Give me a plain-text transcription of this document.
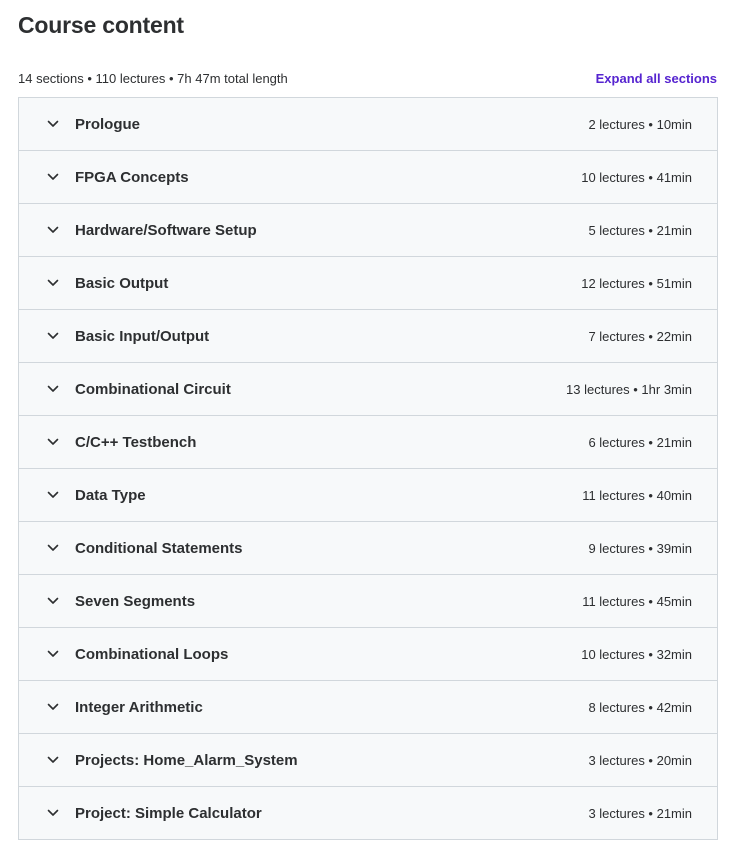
Course content
14 sections • 110 lectures • 7h 47m total length	Expand all sections
Prologue	2 lectures • 10min
FPGA Concepts	10 lectures • 41min
Hardware/Software Setup	5 lectures • 21min
Basic Output	12 lectures • 51min
Basic Input/Output	7 lectures • 22min
Combinational Circuit	13 lectures • 1hr 3min
C/C++ Testbench	6 lectures • 21min
Data Type	11 lectures • 40min
Conditional Statements	9 lectures • 39min
Seven Segments	11 lectures • 45min
Combinational Loops	10 lectures • 32min
Integer Arithmetic	8 lectures • 42min
Projects: Home_Alarm_System	3 lectures • 20min
Project: Simple Calculator	3 lectures • 21min
